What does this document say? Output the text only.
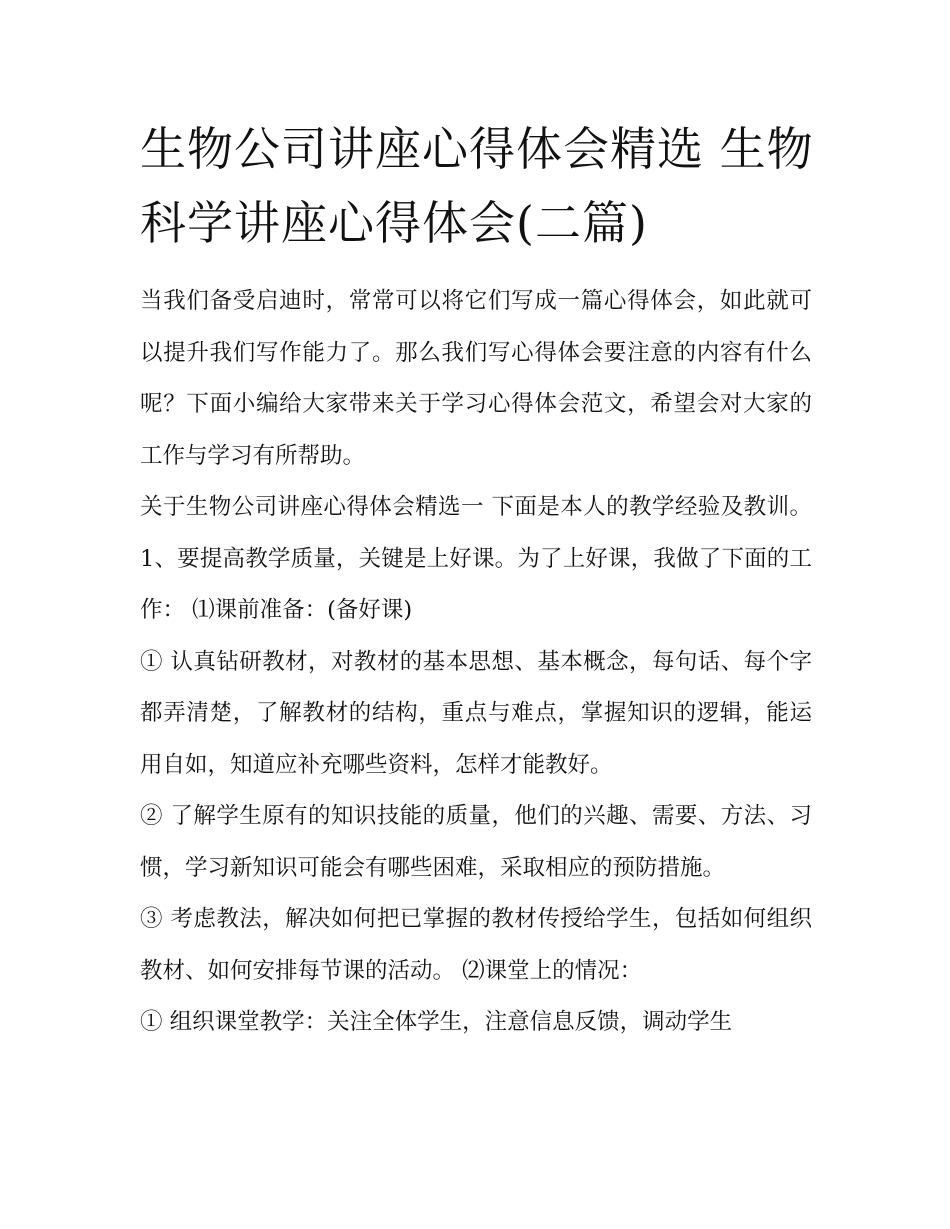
生物公司讲座心得体会精选 生物科学讲座心得体会(二篇)

当我们备受启迪时，常常可以将它们写成一篇心得体会，如此就可以提升我们写作能力了。那么我们写心得体会要注意的内容有什么呢？下面小编给大家带来关于学习心得体会范文，希望会对大家的工作与学习有所帮助。

关于生物公司讲座心得体会精选一 下面是本人的教学经验及教训。 1、要提高教学质量，关键是上好课。为了上好课，我做了下面的工作： ⑴课前准备：(备好课)

① 认真钻研教材，对教材的基本思想、基本概念，每句话、每个字都弄清楚，了解教材的结构，重点与难点，掌握知识的逻辑，能运用自如，知道应补充哪些资料，怎样才能教好。

② 了解学生原有的知识技能的质量，他们的兴趣、需要、方法、习惯，学习新知识可能会有哪些困难，采取相应的预防措施。

③ 考虑教法，解决如何把已掌握的教材传授给学生，包括如何组织教材、如何安排每节课的活动。 ⑵课堂上的情况：

① 组织课堂教学：关注全体学生，注意信息反馈，调动学生
